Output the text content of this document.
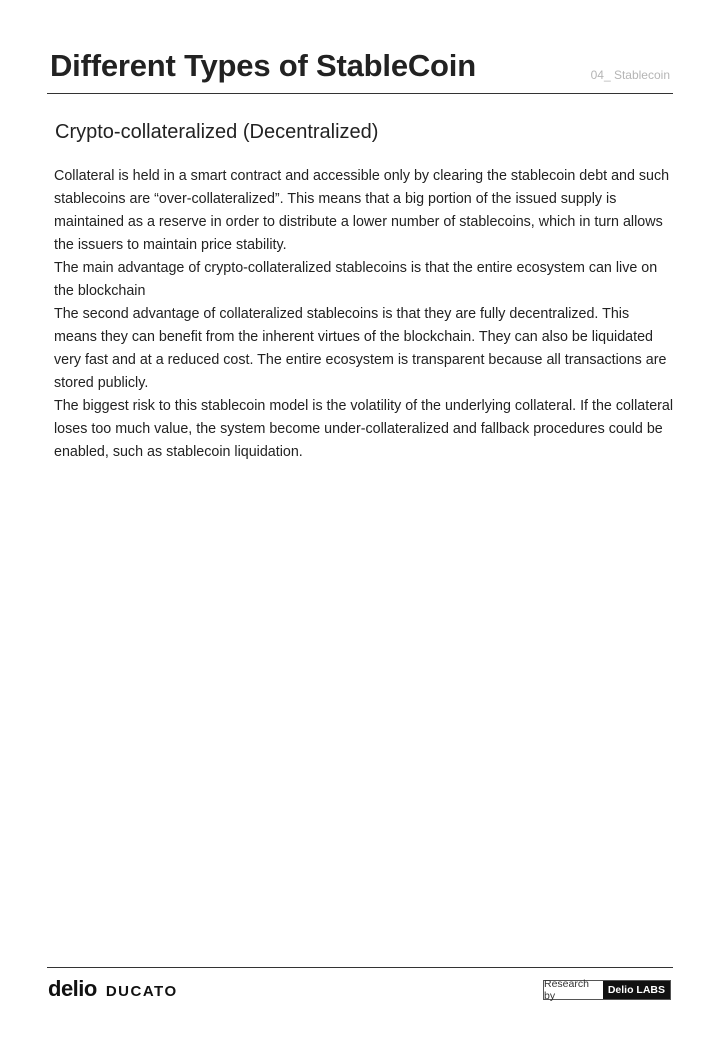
Different Types of StableCoin	04_ Stablecoin
Crypto-collateralized (Decentralized)

Collateral is held in a smart contract and accessible only by clearing the stablecoin debt and such stablecoins are “over-collateralized”. This means that a big portion of the issued supply is maintained as a reserve in order to distribute a lower number of stablecoins, which in turn allows the issuers to maintain price stability.

The main advantage of crypto-collateralized stablecoins is that the entire ecosystem can live on the blockchain

The second advantage of collateralized stablecoins is that they are fully decentralized. This means they can benefit from the inherent virtues of the blockchain. They can also be liquidated very fast and at a reduced cost. The entire ecosystem is transparent because all transactions are stored publicly.

The biggest risk to this stablecoin model is the volatility of the underlying collateral. If the collateral loses too much value, the system become under-collateralized and fallback procedures could be enabled, such as stablecoin liquidation.

delio DUCATO	Research by	Delio LABS
